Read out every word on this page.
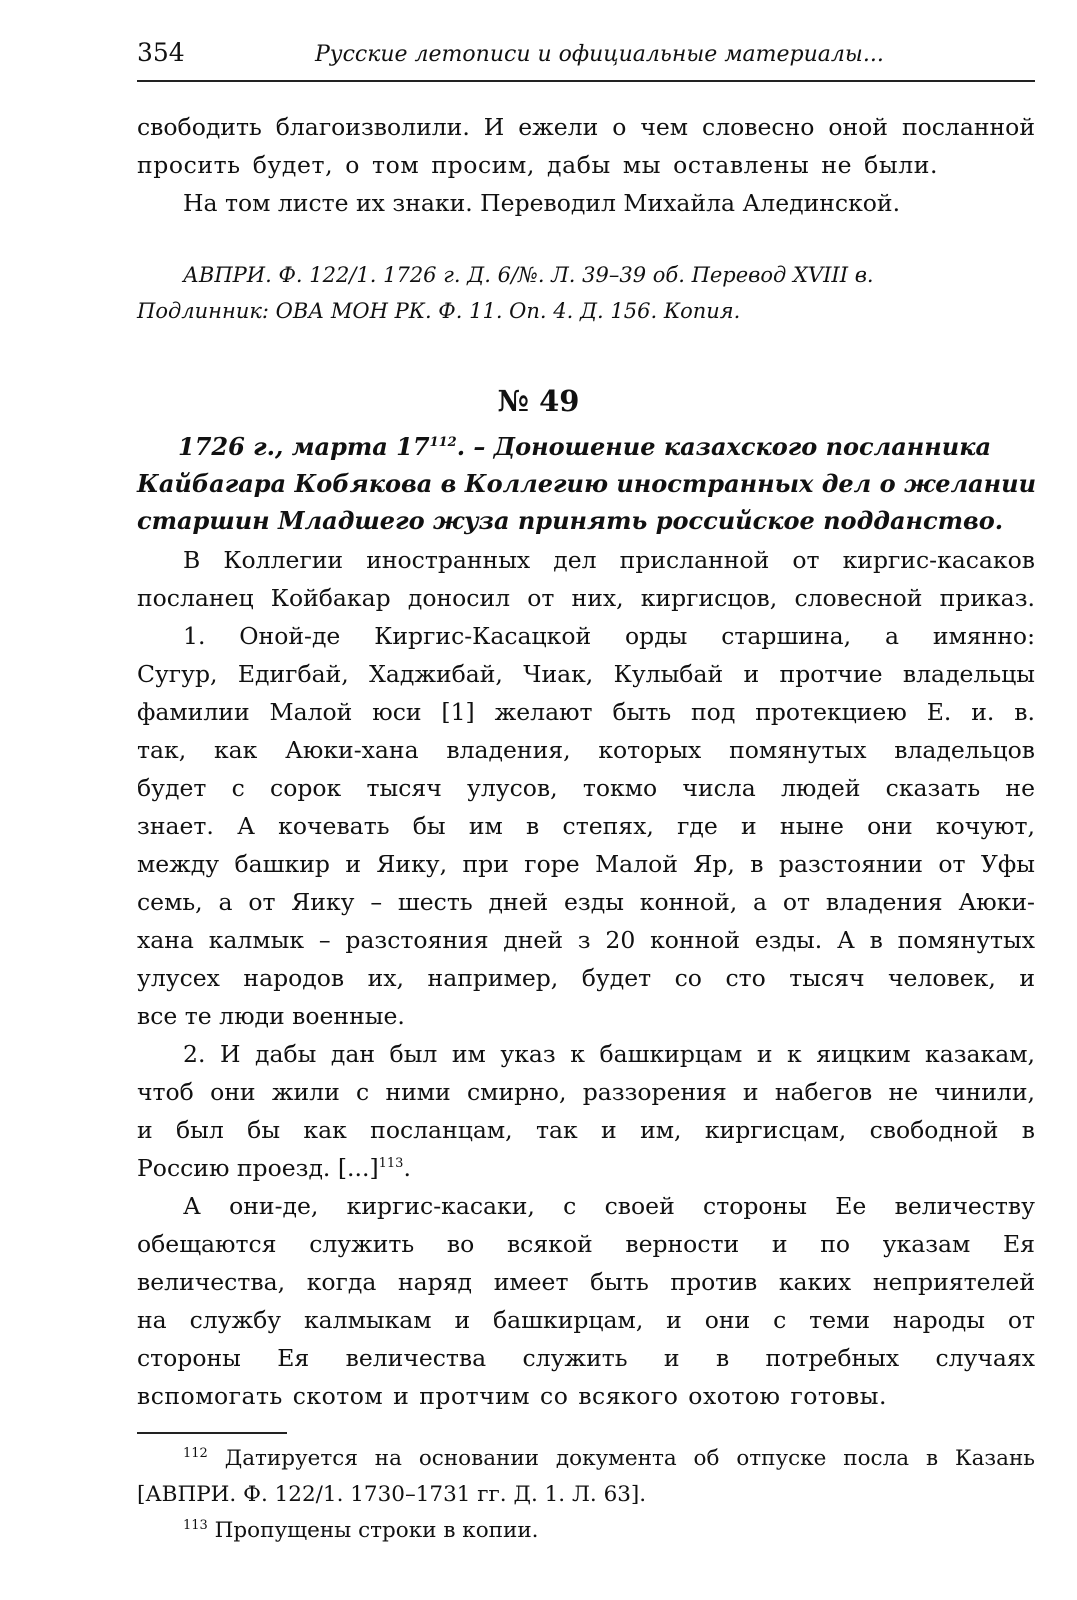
354	Русские летописи и официальные материалы...
свободить благоизволили. И ежели о чем словесно оной посланной
просить будет, о том просим, дабы мы оставлены не были.
На том листе их знаки. Переводил Михайла Алединской.
АВПРИ. Ф. 122/1. 1726 г. Д. 6/№. Л. 39–39 об. Перевод XVIII в.
Подлинник: ОВА МОН РК. Ф. 11. Оп. 4. Д. 156. Копия.
№ 49
1726 г., марта $17^{112}$. – Доношение казахского посланника
Кайбагара Кобякова в Коллегию иностранных дел о желании
старшин Младшего жуза принять российское подданство.
В Коллегии иностранных дел присланной от киргис-касаков
посланец Койбакар доносил от них, киргисцов, словесной приказ.
1. Оной-де Киргис-Касацкой орды старшина, а имянно:
Сугур, Едигбай, Хаджибай, Чиак, Кулыбай и протчие владельцы
фамилии Малой юси [1] желают быть под протекциею Е. и. в.
так, как Аюки-хана владения, которых помянутых владельцов
будет с сорок тысяч улусов, токмо числа людей сказать не
знает. А кочевать бы им в степях, где и ныне они кочуют,
между башкир и Яику, при горе Малой Яр, в разстоянии от Уфы
семь, а от Яику – шесть дней езды конной, а от владения Аюки-
хана калмык – разстояния дней з 20 конной езды. А в помянутых
улусех народов их, например, будет со сто тысяч человек, и
все те люди военные.
2. И дабы дан был им указ к башкирцам и к яицким казакам,
чтоб они жили с ними смирно, раззорения и набегов не чинили,
и был бы как посланцам, так и им, киргисцам, свободной в
Россию проезд. [...]$^{113}$.
А они-де, киргис-касаки, с своей стороны Ее величеству
обещаются служить во всякой верности и по указам Ея
величества, когда наряд имеет быть против каких неприятелей
на службу калмыкам и башкирцам, и они с теми народы от
стороны Ея величества служить и в потребных случаях
вспомогать скотом и протчим со всякого охотою готовы.
$^{112}$ Датируется на основании документа об отпуске посла в Казань
[АВПРИ. Ф. 122/1. 1730–1731 гг. Д. 1. Л. 63].
$^{113}$ Пропущены строки в копии.
